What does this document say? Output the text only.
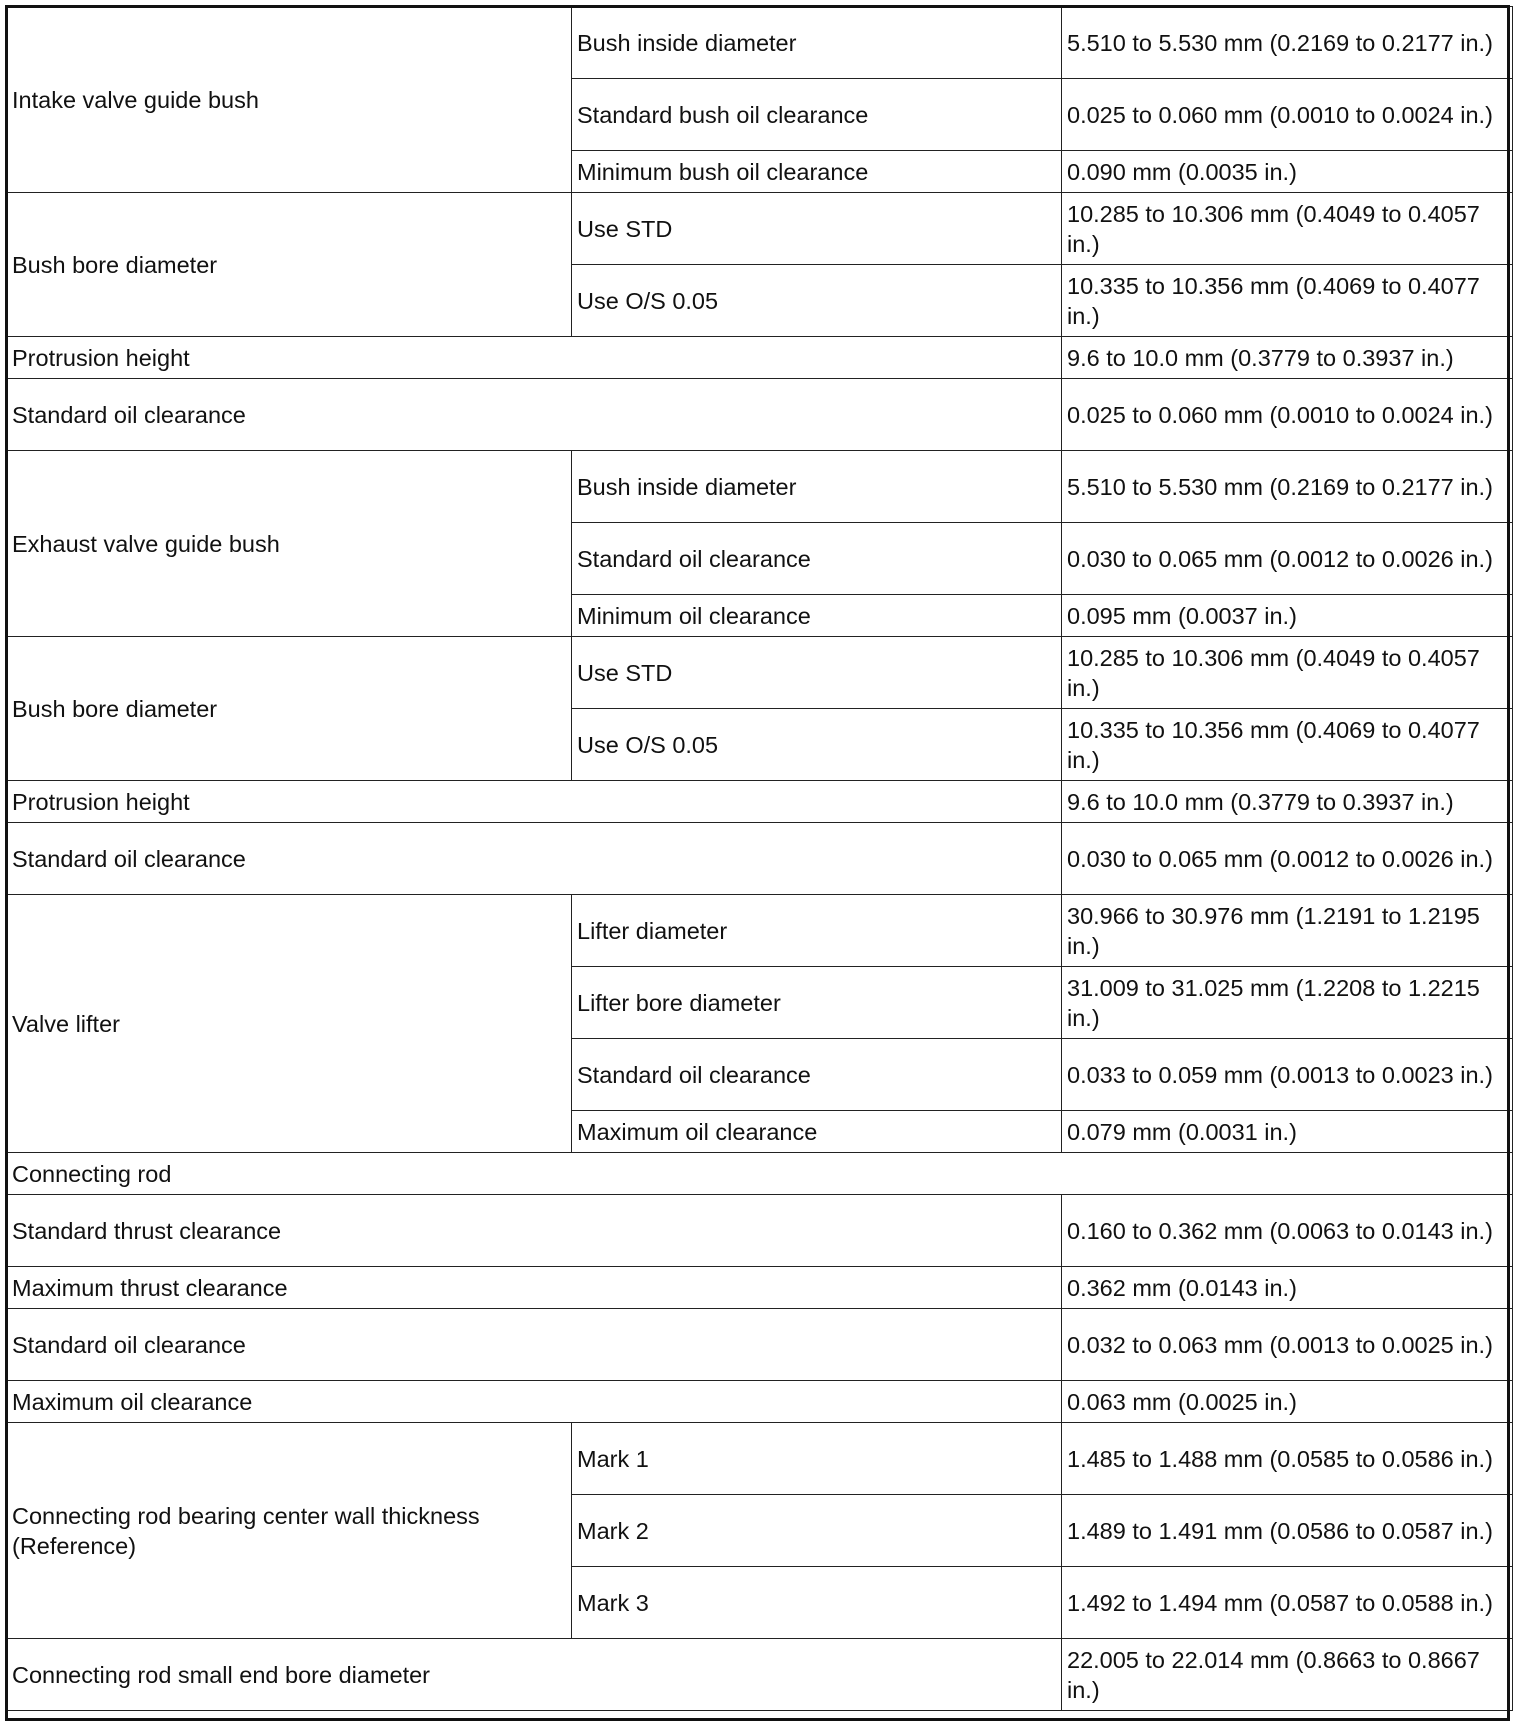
Intake valve guide bush	Bush inside diameter	5.510 to 5.530 mm (0.2169 to 0.2177 in.)
	Standard bush oil clearance	0.025 to 0.060 mm (0.0010 to 0.0024 in.)
	Minimum bush oil clearance	0.090 mm (0.0035 in.)
Bush bore diameter	Use STD	10.285 to 10.306 mm (0.4049 to 0.4057 in.)
	Use O/S 0.05	10.335 to 10.356 mm (0.4069 to 0.4077 in.)
Protrusion height		9.6 to 10.0 mm (0.3779 to 0.3937 in.)
Standard oil clearance		0.025 to 0.060 mm (0.0010 to 0.0024 in.)
Exhaust valve guide bush	Bush inside diameter	5.510 to 5.530 mm (0.2169 to 0.2177 in.)
	Standard oil clearance	0.030 to 0.065 mm (0.0012 to 0.0026 in.)
	Minimum oil clearance	0.095 mm (0.0037 in.)
Bush bore diameter	Use STD	10.285 to 10.306 mm (0.4049 to 0.4057 in.)
	Use O/S 0.05	10.335 to 10.356 mm (0.4069 to 0.4077 in.)
Protrusion height		9.6 to 10.0 mm (0.3779 to 0.3937 in.)
Standard oil clearance		0.030 to 0.065 mm (0.0012 to 0.0026 in.)
Valve lifter	Lifter diameter	30.966 to 30.976 mm (1.2191 to 1.2195 in.)
	Lifter bore diameter	31.009 to 31.025 mm (1.2208 to 1.2215 in.)
	Standard oil clearance	0.033 to 0.059 mm (0.0013 to 0.0023 in.)
	Maximum oil clearance	0.079 mm (0.0031 in.)
Connecting rod		
Standard thrust clearance		0.160 to 0.362 mm (0.0063 to 0.0143 in.)
Maximum thrust clearance		0.362 mm (0.0143 in.)
Standard oil clearance		0.032 to 0.063 mm (0.0013 to 0.0025 in.)
Maximum oil clearance		0.063 mm (0.0025 in.)
Connecting rod bearing center wall thickness (Reference)	Mark 1	1.485 to 1.488 mm (0.0585 to 0.0586 in.)
	Mark 2	1.489 to 1.491 mm (0.0586 to 0.0587 in.)
	Mark 3	1.492 to 1.494 mm (0.0587 to 0.0588 in.)
Connecting rod small end bore diameter		22.005 to 22.014 mm (0.8663 to 0.8667 in.)
